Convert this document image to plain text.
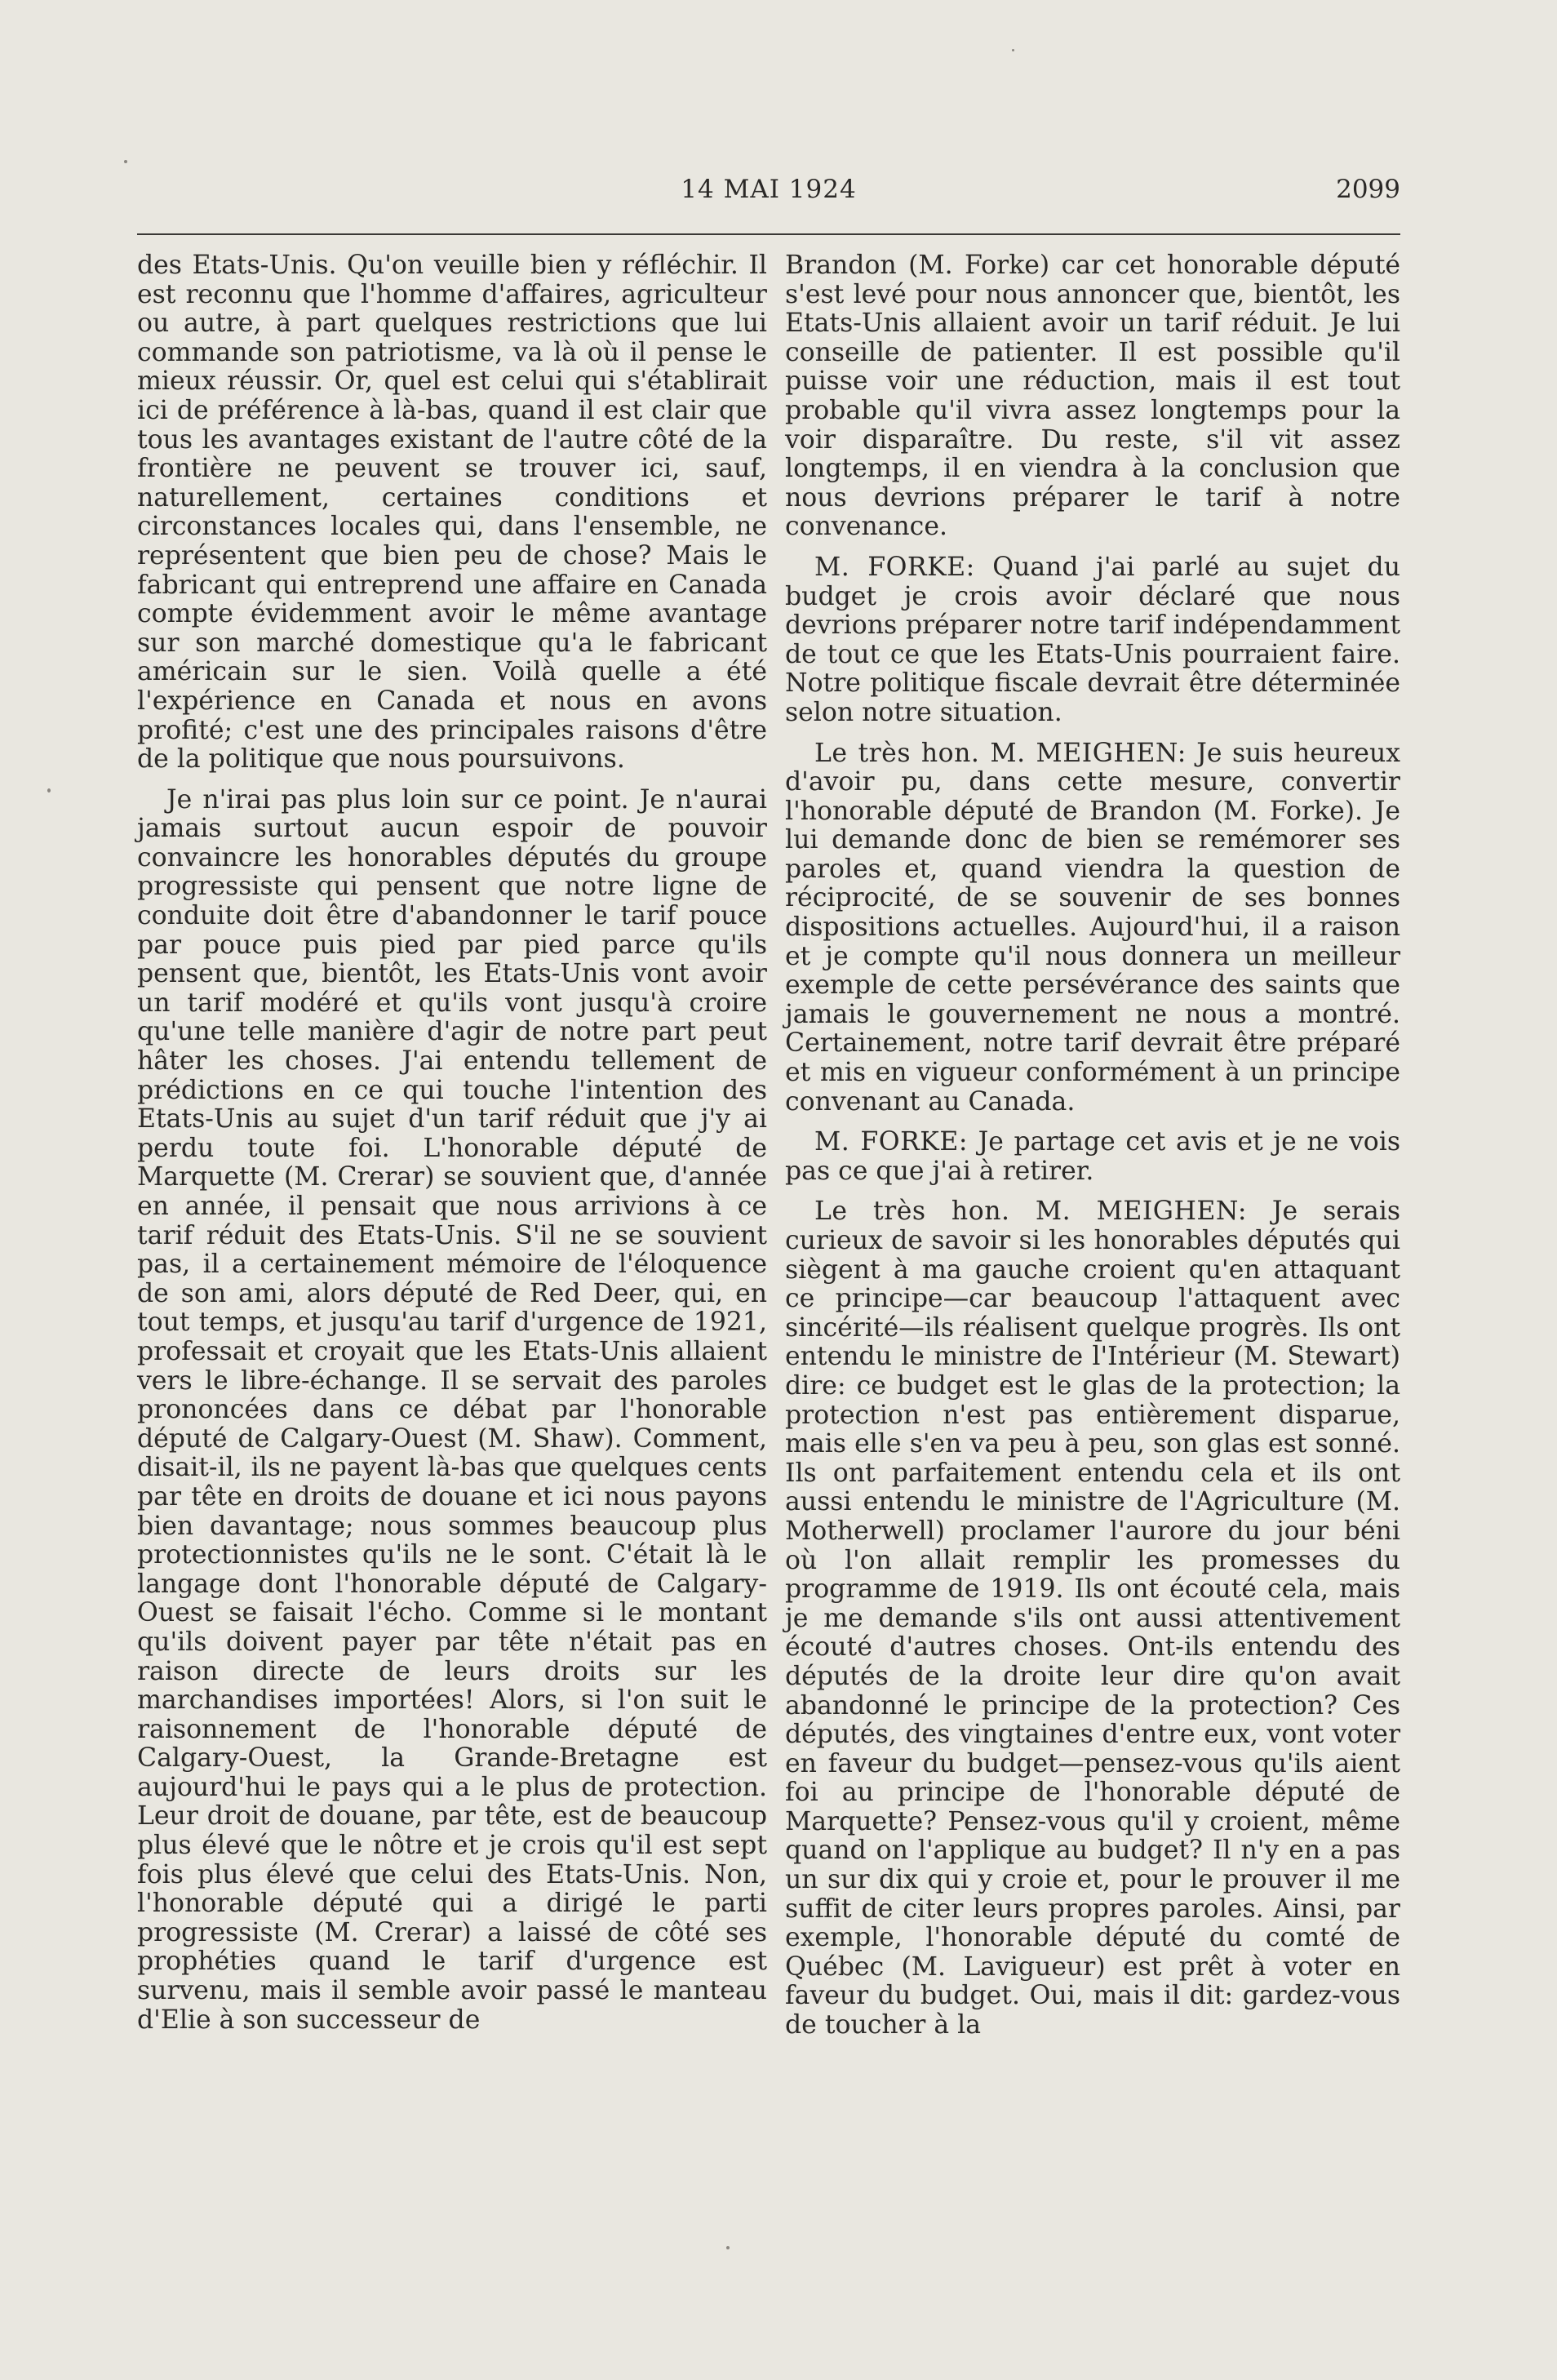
14 MAI 1924	2099

des Etats-Unis. Qu'on veuille bien y réfléchir. Il est reconnu que l'homme d'affaires, agriculteur ou autre, à part quelques restrictions que lui commande son patriotisme, va là où il pense le mieux réussir. Or, quel est celui qui s'établirait ici de préférence à là-bas, quand il est clair que tous les avantages existant de l'autre côté de la frontière ne peuvent se trouver ici, sauf, naturellement, certaines conditions et circonstances locales qui, dans l'ensemble, ne représentent que bien peu de chose? Mais le fabricant qui entreprend une affaire en Canada compte évidemment avoir le même avantage sur son marché domestique qu'a le fabricant américain sur le sien. Voilà quelle a été l'expérience en Canada et nous en avons profité; c'est une des principales raisons d'être de la politique que nous poursuivons.

Je n'irai pas plus loin sur ce point. Je n'aurai jamais surtout aucun espoir de pouvoir convaincre les honorables députés du groupe progressiste qui pensent que notre ligne de conduite doit être d'abandonner le tarif pouce par pouce puis pied par pied parce qu'ils pensent que, bientôt, les Etats-Unis vont avoir un tarif modéré et qu'ils vont jusqu'à croire qu'une telle manière d'agir de notre part peut hâter les choses. J'ai entendu tellement de prédictions en ce qui touche l'intention des Etats-Unis au sujet d'un tarif réduit que j'y ai perdu toute foi. L'honorable député de Marquette (M. Crerar) se souvient que, d'année en année, il pensait que nous arrivions à ce tarif réduit des Etats-Unis. S'il ne se souvient pas, il a certainement mémoire de l'éloquence de son ami, alors député de Red Deer, qui, en tout temps, et jusqu'au tarif d'urgence de 1921, professait et croyait que les Etats-Unis allaient vers le libre-échange. Il se servait des paroles prononcées dans ce débat par l'honorable député de Calgary-Ouest (M. Shaw). Comment, disait-il, ils ne payent là-bas que quelques cents par tête en droits de douane et ici nous payons bien davantage; nous sommes beaucoup plus protectionnistes qu'ils ne le sont. C'était là le langage dont l'honorable député de Calgary-Ouest se faisait l'écho. Comme si le montant qu'ils doivent payer par tête n'était pas en raison directe de leurs droits sur les marchandises importées! Alors, si l'on suit le raisonnement de l'honorable député de Calgary-Ouest, la Grande-Bretagne est aujourd'hui le pays qui a le plus de protection. Leur droit de douane, par tête, est de beaucoup plus élevé que le nôtre et je crois qu'il est sept fois plus élevé que celui des Etats-Unis. Non, l'honorable député qui a dirigé le parti progressiste (M. Crerar) a laissé de côté ses prophéties quand le tarif d'urgence est survenu, mais il semble avoir passé le manteau d'Elie à son successeur de

Brandon (M. Forke) car cet honorable député s'est levé pour nous annoncer que, bientôt, les Etats-Unis allaient avoir un tarif réduit. Je lui conseille de patienter. Il est possible qu'il puisse voir une réduction, mais il est tout probable qu'il vivra assez longtemps pour la voir disparaître. Du reste, s'il vit assez longtemps, il en viendra à la conclusion que nous devrions préparer le tarif à notre convenance.

M. FORKE: Quand j'ai parlé au sujet du budget je crois avoir déclaré que nous devrions préparer notre tarif indépendamment de tout ce que les Etats-Unis pourraient faire. Notre politique fiscale devrait être déterminée selon notre situation.

Le très hon. M. MEIGHEN: Je suis heureux d'avoir pu, dans cette mesure, convertir l'honorable député de Brandon (M. Forke). Je lui demande donc de bien se remémorer ses paroles et, quand viendra la question de réciprocité, de se souvenir de ses bonnes dispositions actuelles. Aujourd'hui, il a raison et je compte qu'il nous donnera un meilleur exemple de cette persévérance des saints que jamais le gouvernement ne nous a montré. Certainement, notre tarif devrait être préparé et mis en vigueur conformément à un principe convenant au Canada.

M. FORKE: Je partage cet avis et je ne vois pas ce que j'ai à retirer.

Le très hon. M. MEIGHEN: Je serais curieux de savoir si les honorables députés qui siègent à ma gauche croient qu'en attaquant ce principe—car beaucoup l'attaquent avec sincérité—ils réalisent quelque progrès. Ils ont entendu le ministre de l'Intérieur (M. Stewart) dire: ce budget est le glas de la protection; la protection n'est pas entièrement disparue, mais elle s'en va peu à peu, son glas est sonné. Ils ont parfaitement entendu cela et ils ont aussi entendu le ministre de l'Agriculture (M. Motherwell) proclamer l'aurore du jour béni où l'on allait remplir les promesses du programme de 1919. Ils ont écouté cela, mais je me demande s'ils ont aussi attentivement écouté d'autres choses. Ont-ils entendu des députés de la droite leur dire qu'on avait abandonné le principe de la protection? Ces députés, des vingtaines d'entre eux, vont voter en faveur du budget—pensez-vous qu'ils aient foi au principe de l'honorable député de Marquette? Pensez-vous qu'il y croient, même quand on l'applique au budget? Il n'y en a pas un sur dix qui y croie et, pour le prouver il me suffit de citer leurs propres paroles. Ainsi, par exemple, l'honorable député du comté de Québec (M. Lavigueur) est prêt à voter en faveur du budget. Oui, mais il dit: gardez-vous de toucher à la
